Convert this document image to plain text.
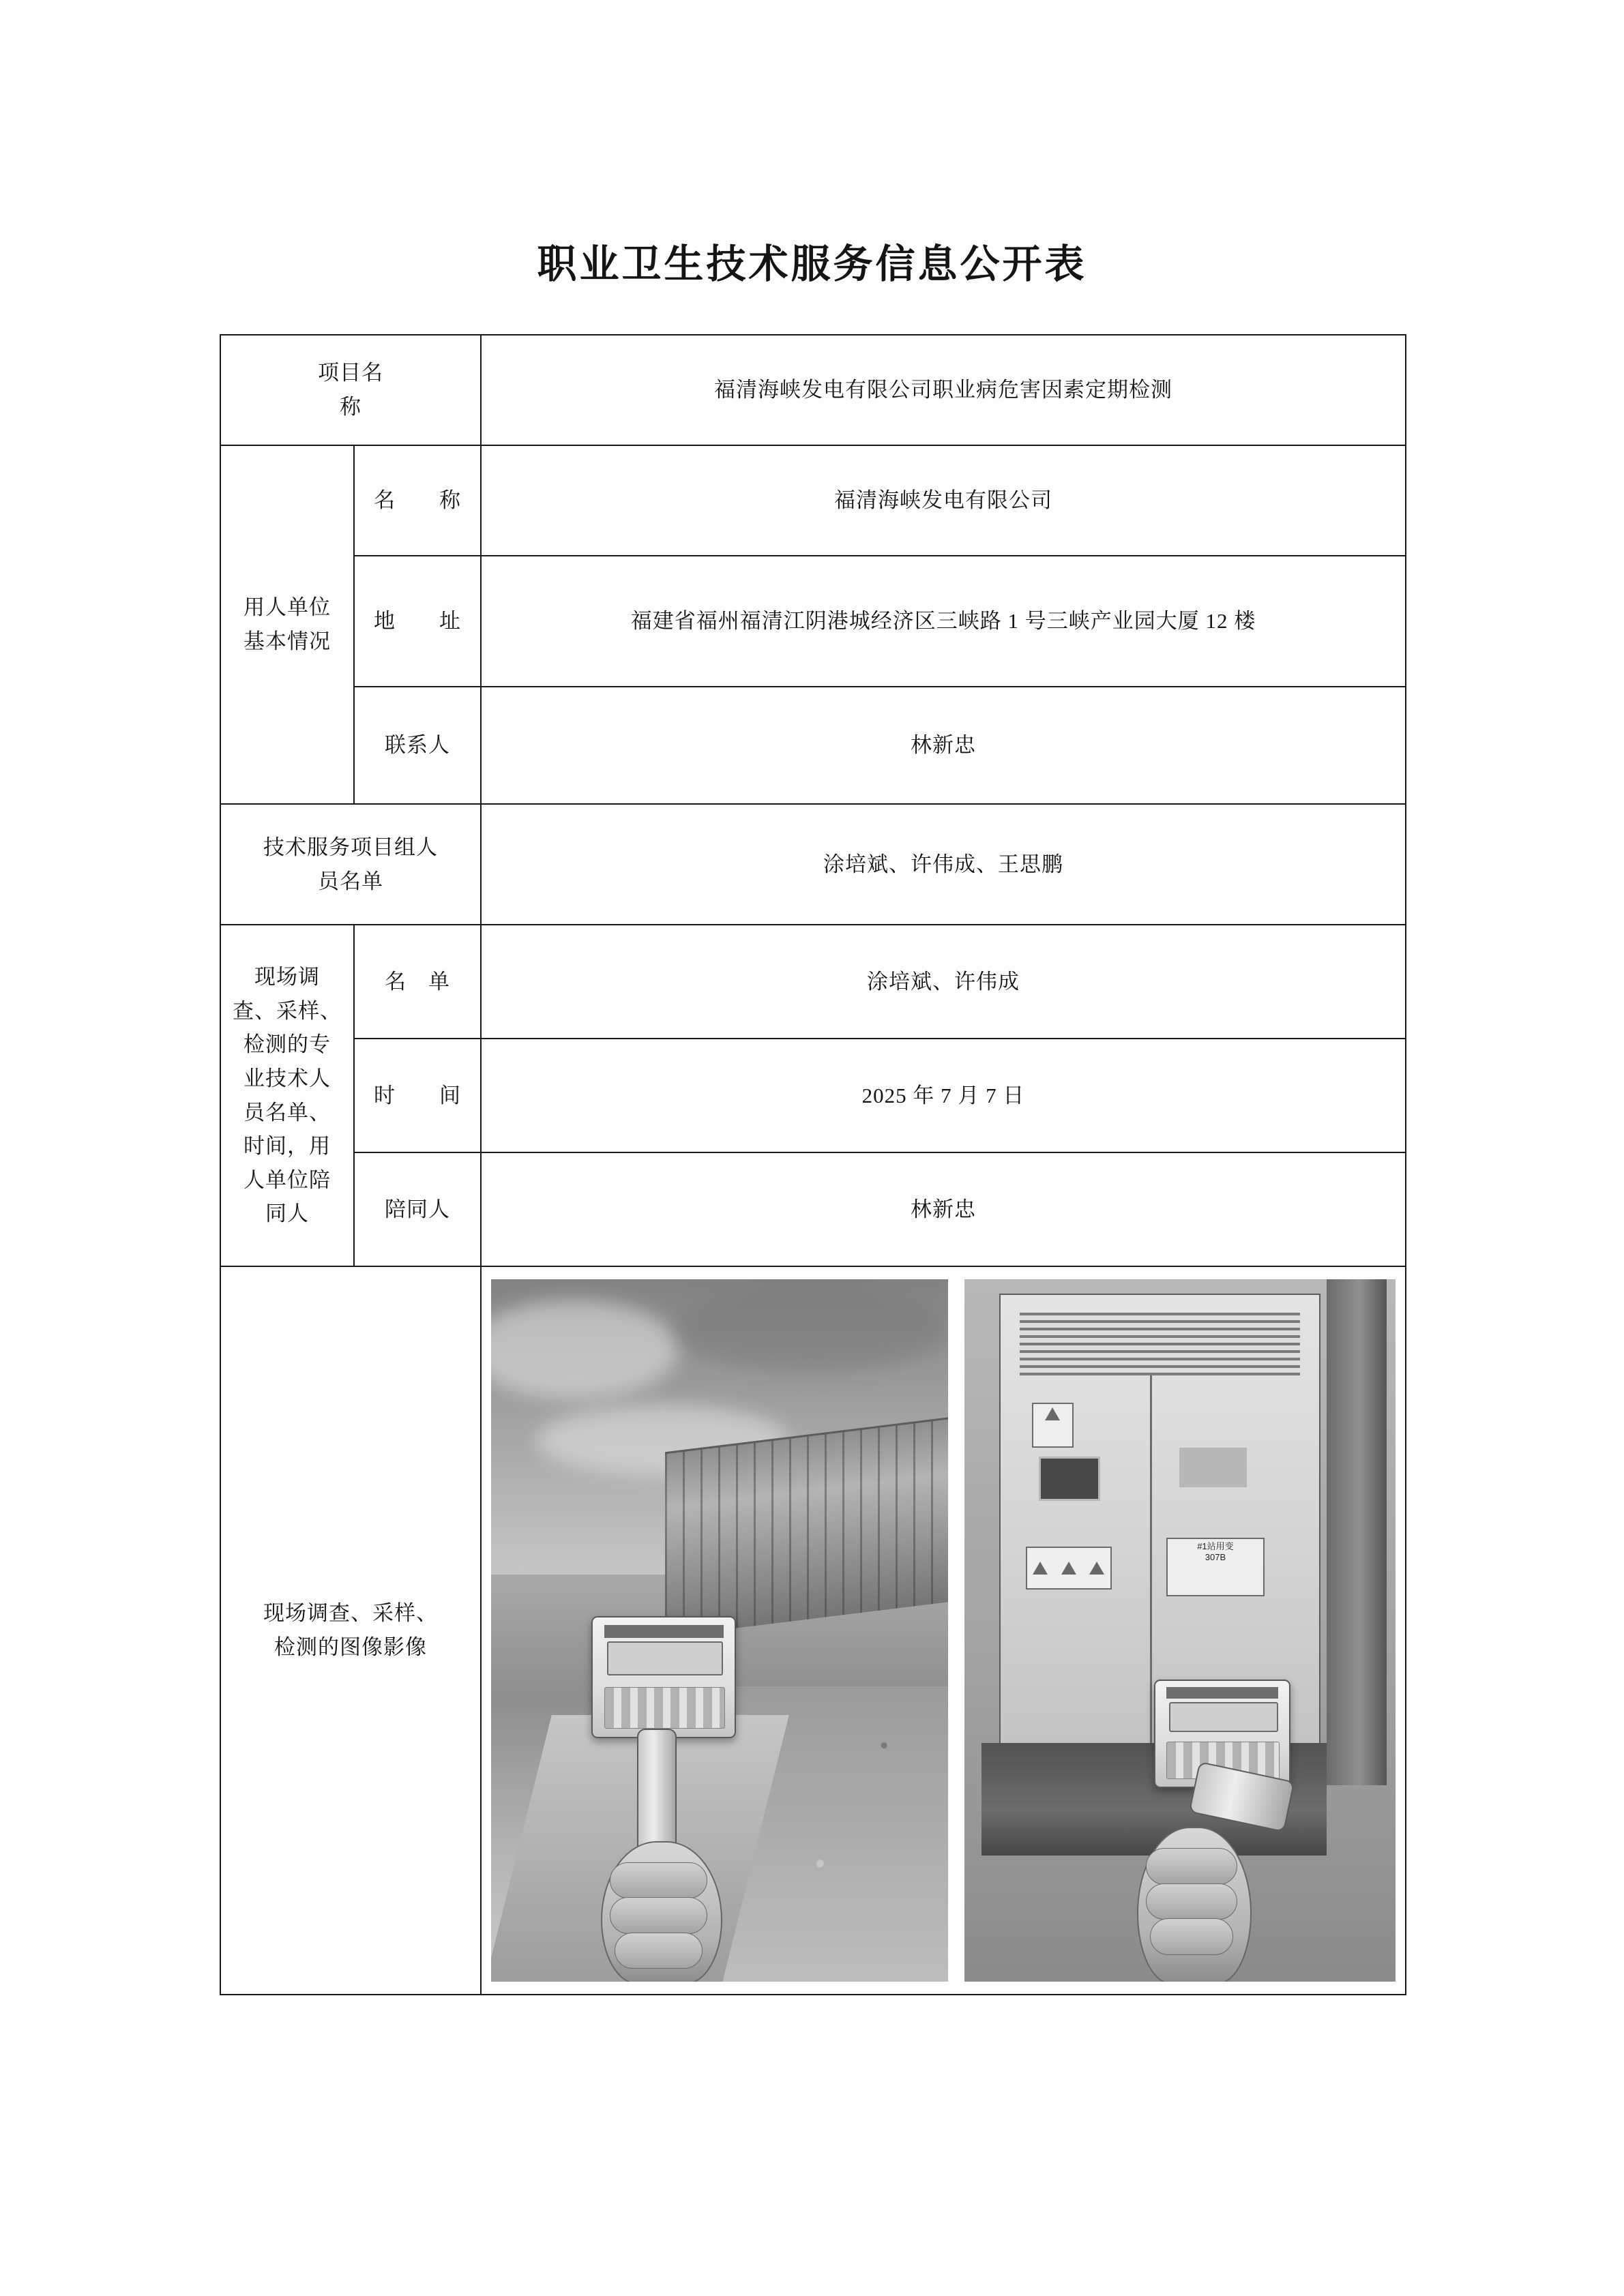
职业卫生技术服务信息公开表
项目名
称		福清海峡发电有限公司职业病危害因素定期检测

用人单位
基本情况	名　　称	福清海峡发电有限公司
	地　　址	福建省福州福清江阴港城经济区三峡路 1 号三峡产业园大厦 12 楼
	联系人	林新忠

技术服务项目组人
员名单		涂培斌、许伟成、王思鹏

现场调
查、采样、
检测的专
业技术人
员名单、
时间，用
人单位陪
同人
	名　单	涂培斌、许伟成
	时　　间	2025 年 7 月 7 日
	陪同人	林新忠

现场调查、采样、
检测的图像影像

#1站用变
307B
